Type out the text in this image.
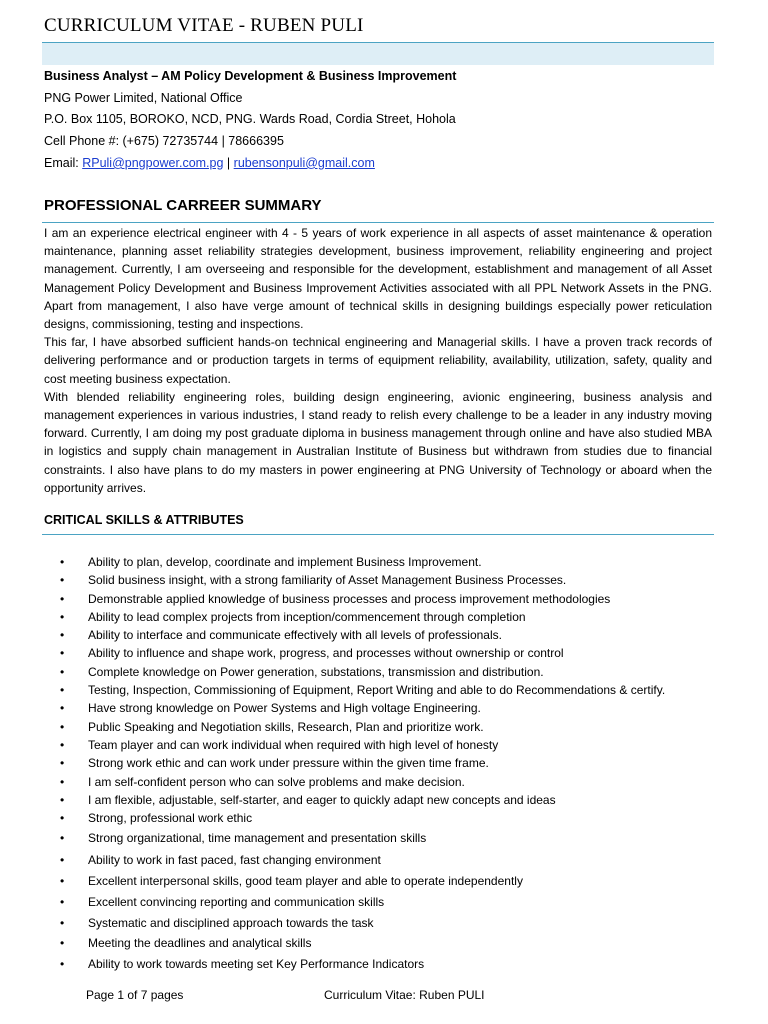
CURRICULUM VITAE - RUBEN PULI
Business Analyst – AM Policy Development & Business Improvement
PNG Power Limited, National Office
P.O. Box 1105, BOROKO, NCD, PNG. Wards Road, Cordia Street, Hohola
Cell Phone #: (+675) 72735744 | 78666395
Email: RPuli@pngpower.com.pg | rubensonpuli@gmail.com
PROFESSIONAL CARREER SUMMARY

I am an experience electrical engineer with 4 - 5 years of work experience in all aspects of asset maintenance & operation maintenance, planning asset reliability strategies development, business improvement, reliability engineering and project management. Currently, I am overseeing and responsible for the development, establishment and management of all Asset Management Policy Development and Business Improvement Activities associated with all PPL Network Assets in the PNG. Apart from management, I also have verge amount of technical skills in designing buildings especially power reticulation designs, commissioning, testing and inspections.

This far, I have absorbed sufficient hands-on technical engineering and Managerial skills. I have a proven track records of delivering performance and or production targets in terms of equipment reliability, availability, utilization, safety, quality and cost meeting business expectation.

With blended reliability engineering roles, building design engineering, avionic engineering, business analysis and management experiences in various industries, I stand ready to relish every challenge to be a leader in any industry moving forward. Currently, I am doing my post graduate diploma in business management through online and have also studied MBA in logistics and supply chain management in Australian Institute of Business but withdrawn from studies due to financial constraints. I also have plans to do my masters in power engineering at PNG University of Technology or aboard when the opportunity arrives.

CRITICAL SKILLS & ATTRIBUTES
• Ability to plan, develop, coordinate and implement Business Improvement.
• Solid business insight, with a strong familiarity of Asset Management Business Processes.
• Demonstrable applied knowledge of business processes and process improvement methodologies
• Ability to lead complex projects from inception/commencement through completion
• Ability to interface and communicate effectively with all levels of professionals.
• Ability to influence and shape work, progress, and processes without ownership or control
• Complete knowledge on Power generation, substations, transmission and distribution.
• Testing, Inspection, Commissioning of Equipment, Report Writing and able to do Recommendations & certify.
• Have strong knowledge on Power Systems and High voltage Engineering.
• Public Speaking and Negotiation skills, Research, Plan and prioritize work.
• Team player and can work individual when required with high level of honesty
• Strong work ethic and can work under pressure within the given time frame.
• I am self-confident person who can solve problems and make decision.
• I am flexible, adjustable, self-starter, and eager to quickly adapt new concepts and ideas
• Strong, professional work ethic
• Strong organizational, time management and presentation skills
• Ability to work in fast paced, fast changing environment
• Excellent interpersonal skills, good team player and able to operate independently
• Excellent convincing reporting and communication skills
• Systematic and disciplined approach towards the task
• Meeting the deadlines and analytical skills
• Ability to work towards meeting set Key Performance Indicators
Page 1 of 7 pages	Curriculum Vitae: Ruben PULI
